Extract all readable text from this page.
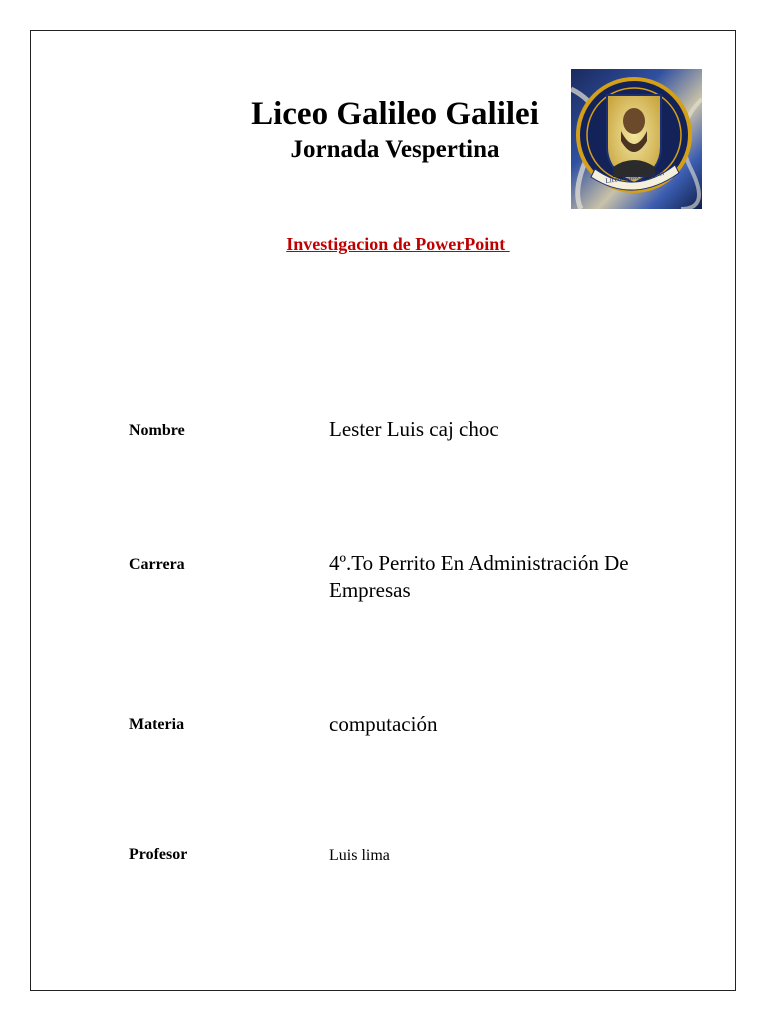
Liceo Galileo Galilei
Jornada Vespertina
Investigacion de PowerPoint
Liceo Galileo Galilei
Nombre	Lester Luis caj choc
Carrera	4º.To Perrito En Administración De Empresas
Materia	computación
Profesor	Luis lima
